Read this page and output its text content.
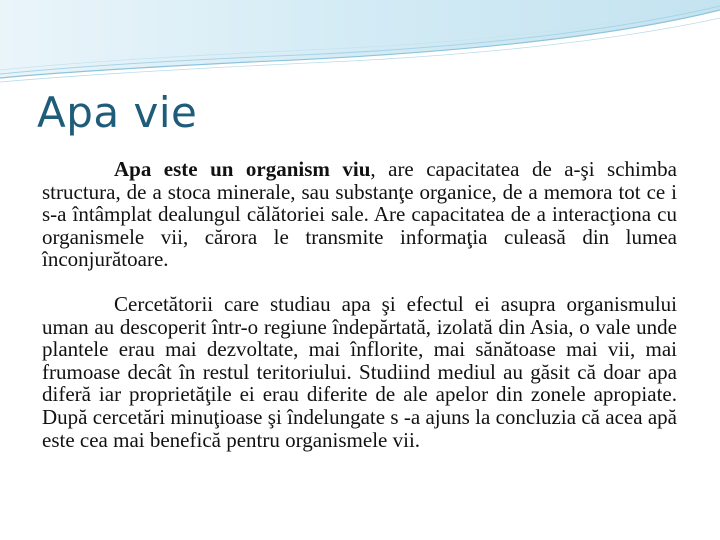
Apa vie

Apa este un organism viu, are capacitatea de a-şi schimba structura, de a stoca minerale, sau substanţe organice, de a memora tot ce i s-a întâmplat dealungul călătoriei sale. Are capacitatea de a interacţiona cu organismele vii, cărora le transmite informaţia culeasă din lumea înconjurătoare.

Cercetătorii care studiau apa şi efectul ei asupra organismului uman au descoperit într-o regiune îndepărtată, izolată din Asia, o vale unde plantele erau mai dezvoltate, mai înflorite, mai sănătoase mai vii, mai frumoase decât în restul teritoriului. Studiind mediul au găsit că doar apa diferă iar proprietăţile ei erau diferite de ale apelor din zonele apropiate. După cercetări minuţioase şi îndelungate s -a ajuns la concluzia că acea apă este cea mai benefică pentru organismele vii.
